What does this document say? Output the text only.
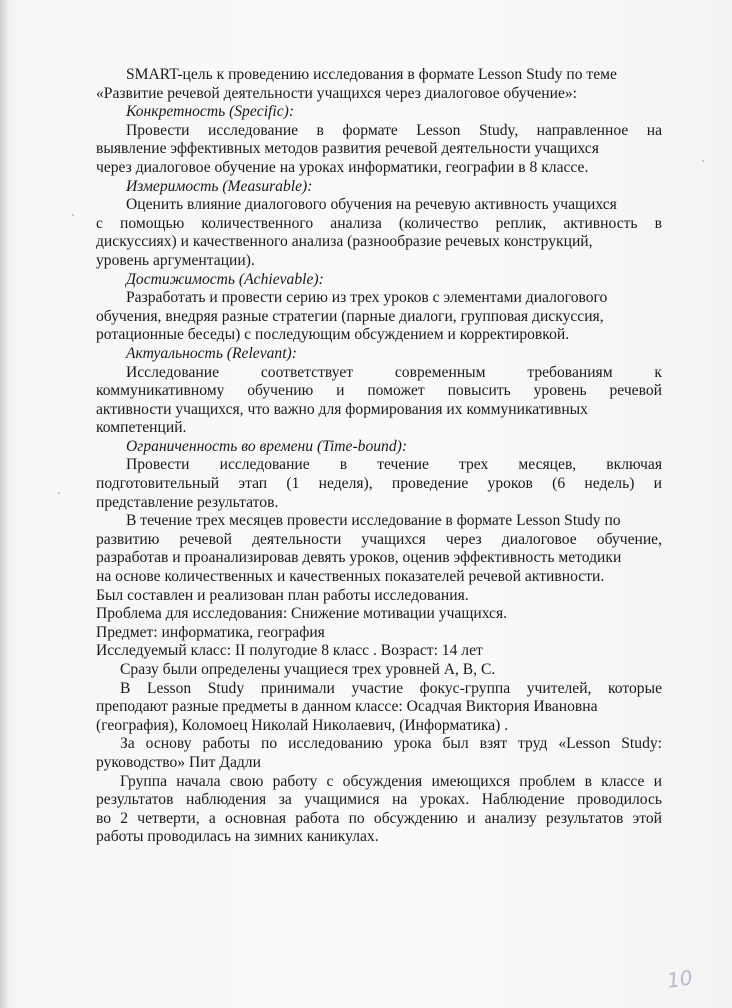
SMART-цель к проведению исследования в формате Lesson Study по теме
«Развитие речевой деятельности учащихся через диалоговое обучение»:
Конкретность (Specific):
Провести исследование в формате Lesson Study, направленное на
выявление эффективных методов развития речевой деятельности учащихся
через диалоговое обучение на уроках информатики, географии в 8 классе.
Измеримость (Measurable):
Оценить влияние диалогового обучения на речевую активность учащихся
с помощью количественного анализа (количество реплик, активность в
дискуссиях) и качественного анализа (разнообразие речевых конструкций,
уровень аргументации).
Достижимость (Achievable):
Разработать и провести серию из трех уроков с элементами диалогового
обучения, внедряя разные стратегии (парные диалоги, групповая дискуссия,
ротационные беседы) с последующим обсуждением и корректировкой.
Актуальность (Relevant):
Исследование соответствует современным требованиям к
коммуникативному обучению и поможет повысить уровень речевой
активности учащихся, что важно для формирования их коммуникативных
компетенций.
Ограниченность во времени (Time-bound):
Провести исследование в течение трех месяцев, включая
подготовительный этап (1 неделя), проведение уроков (6 недель) и
представление результатов.
В течение трех месяцев провести исследование в формате Lesson Study по
развитию речевой деятельности учащихся через диалоговое обучение,
разработав и проанализировав девять уроков, оценив эффективность методики
на основе количественных и качественных показателей речевой активности.
Был составлен и реализован план работы исследования.
Проблема для исследования: Снижение мотивации учащихся.
Предмет: информатика, география
Исследуемый класс: II полугодие 8 класс . Возраст: 14 лет
Сразу были определены учащиеся трех уровней А, В, С.
В Lesson Study принимали участие фокус-группа учителей, которые
преподают разные предметы в данном классе: Осадчая Виктория Ивановна
(география), Коломоец Николай Николаевич, (Информатика) .
За основу работы по исследованию урока был взят труд «Lesson Study:
руководство» Пит Дадли
Группа начала свою работу с обсуждения имеющихся проблем в классе и
результатов наблюдения за учащимися на уроках. Наблюдение проводилось
во 2 четверти, а основная работа по обсуждению и анализу результатов этой
работы проводилась на зимних каникулах.
10
